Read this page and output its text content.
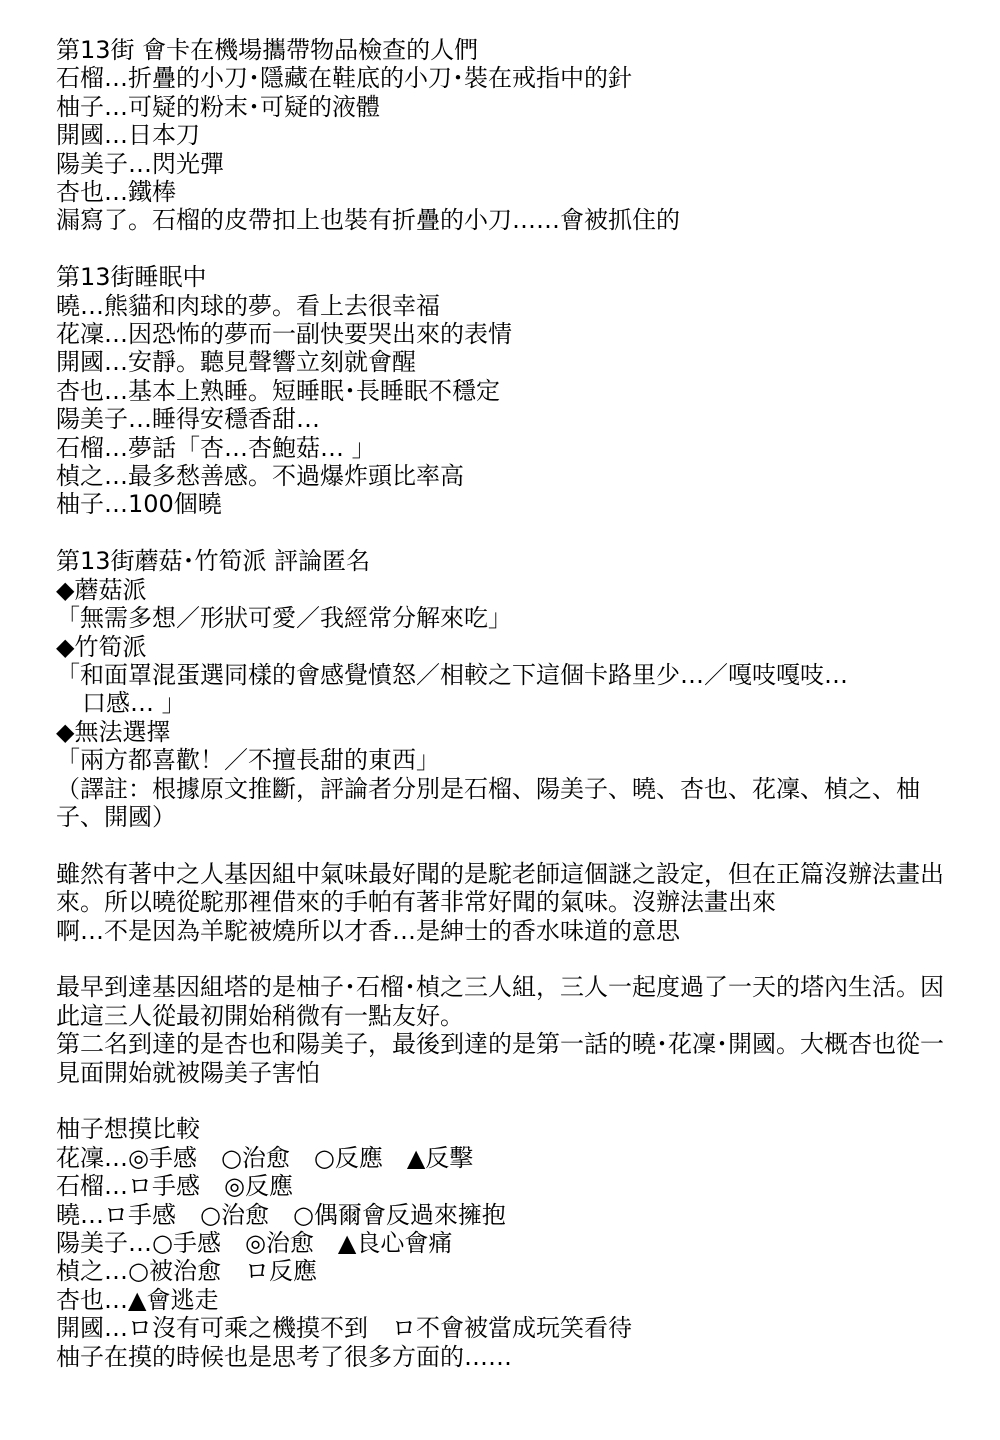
第13街 會卡在機場攜帶物品檢查的人們
石榴…折疊的小刀･隱藏在鞋底的小刀･裝在戒指中的針
柚子…可疑的粉末･可疑的液體
開國…日本刀
陽美子…閃光彈
杏也…鐵棒
漏寫了。石榴的皮帶扣上也裝有折疊的小刀……會被抓住的
第13街睡眠中
曉…熊貓和肉球的夢。看上去很幸福
花凜…因恐怖的夢而一副快要哭出來的表情
開國…安靜。聽見聲響立刻就會醒
杏也…基本上熟睡。短睡眠･長睡眠不穩定
陽美子…睡得安穩香甜…
石榴…夢話「杏…杏鮑菇… 」
楨之…最多愁善感。不過爆炸頭比率高
柚子…100個曉
第13街蘑菇･竹筍派 評論匿名
◆蘑菇派
「無需多想／形狀可愛／我經常分解來吃」
◆竹筍派
「和面罩混蛋選同樣的會感覺憤怒／相較之下這個卡路里少…／嘎吱嘎吱…
口感… 」
◆無法選擇
「兩方都喜歡！／不擅長甜的東西」
（譯註：根據原文推斷，評論者分別是石榴、陽美子、曉、杏也、花凜、楨之、柚子、開國）
雖然有著中之人基因組中氣味最好聞的是駝老師這個謎之設定，但在正篇沒辦法畫出來。所以曉從駝那裡借來的手帕有著非常好聞的氣味。沒辦法畫出來
啊…不是因為羊駝被燒所以才香…是紳士的香水味道的意思
最早到達基因組塔的是柚子･石榴･楨之三人組，三人一起度過了一天的塔內生活。因此這三人從最初開始稍微有一點友好。
第二名到達的是杏也和陽美子，最後到達的是第一話的曉･花凜･開國。大概杏也從一見面開始就被陽美子害怕
柚子想摸比較
花凜…◎手感　○治愈　○反應　▲反擊
石榴…ロ手感　◎反應
曉…ロ手感　○治愈　○偶爾會反過來擁抱
陽美子…○手感　◎治愈　▲良心會痛
楨之…○被治愈　ロ反應
杏也…▲會逃走
開國…ロ沒有可乘之機摸不到　ロ不會被當成玩笑看待
柚子在摸的時候也是思考了很多方面的……
